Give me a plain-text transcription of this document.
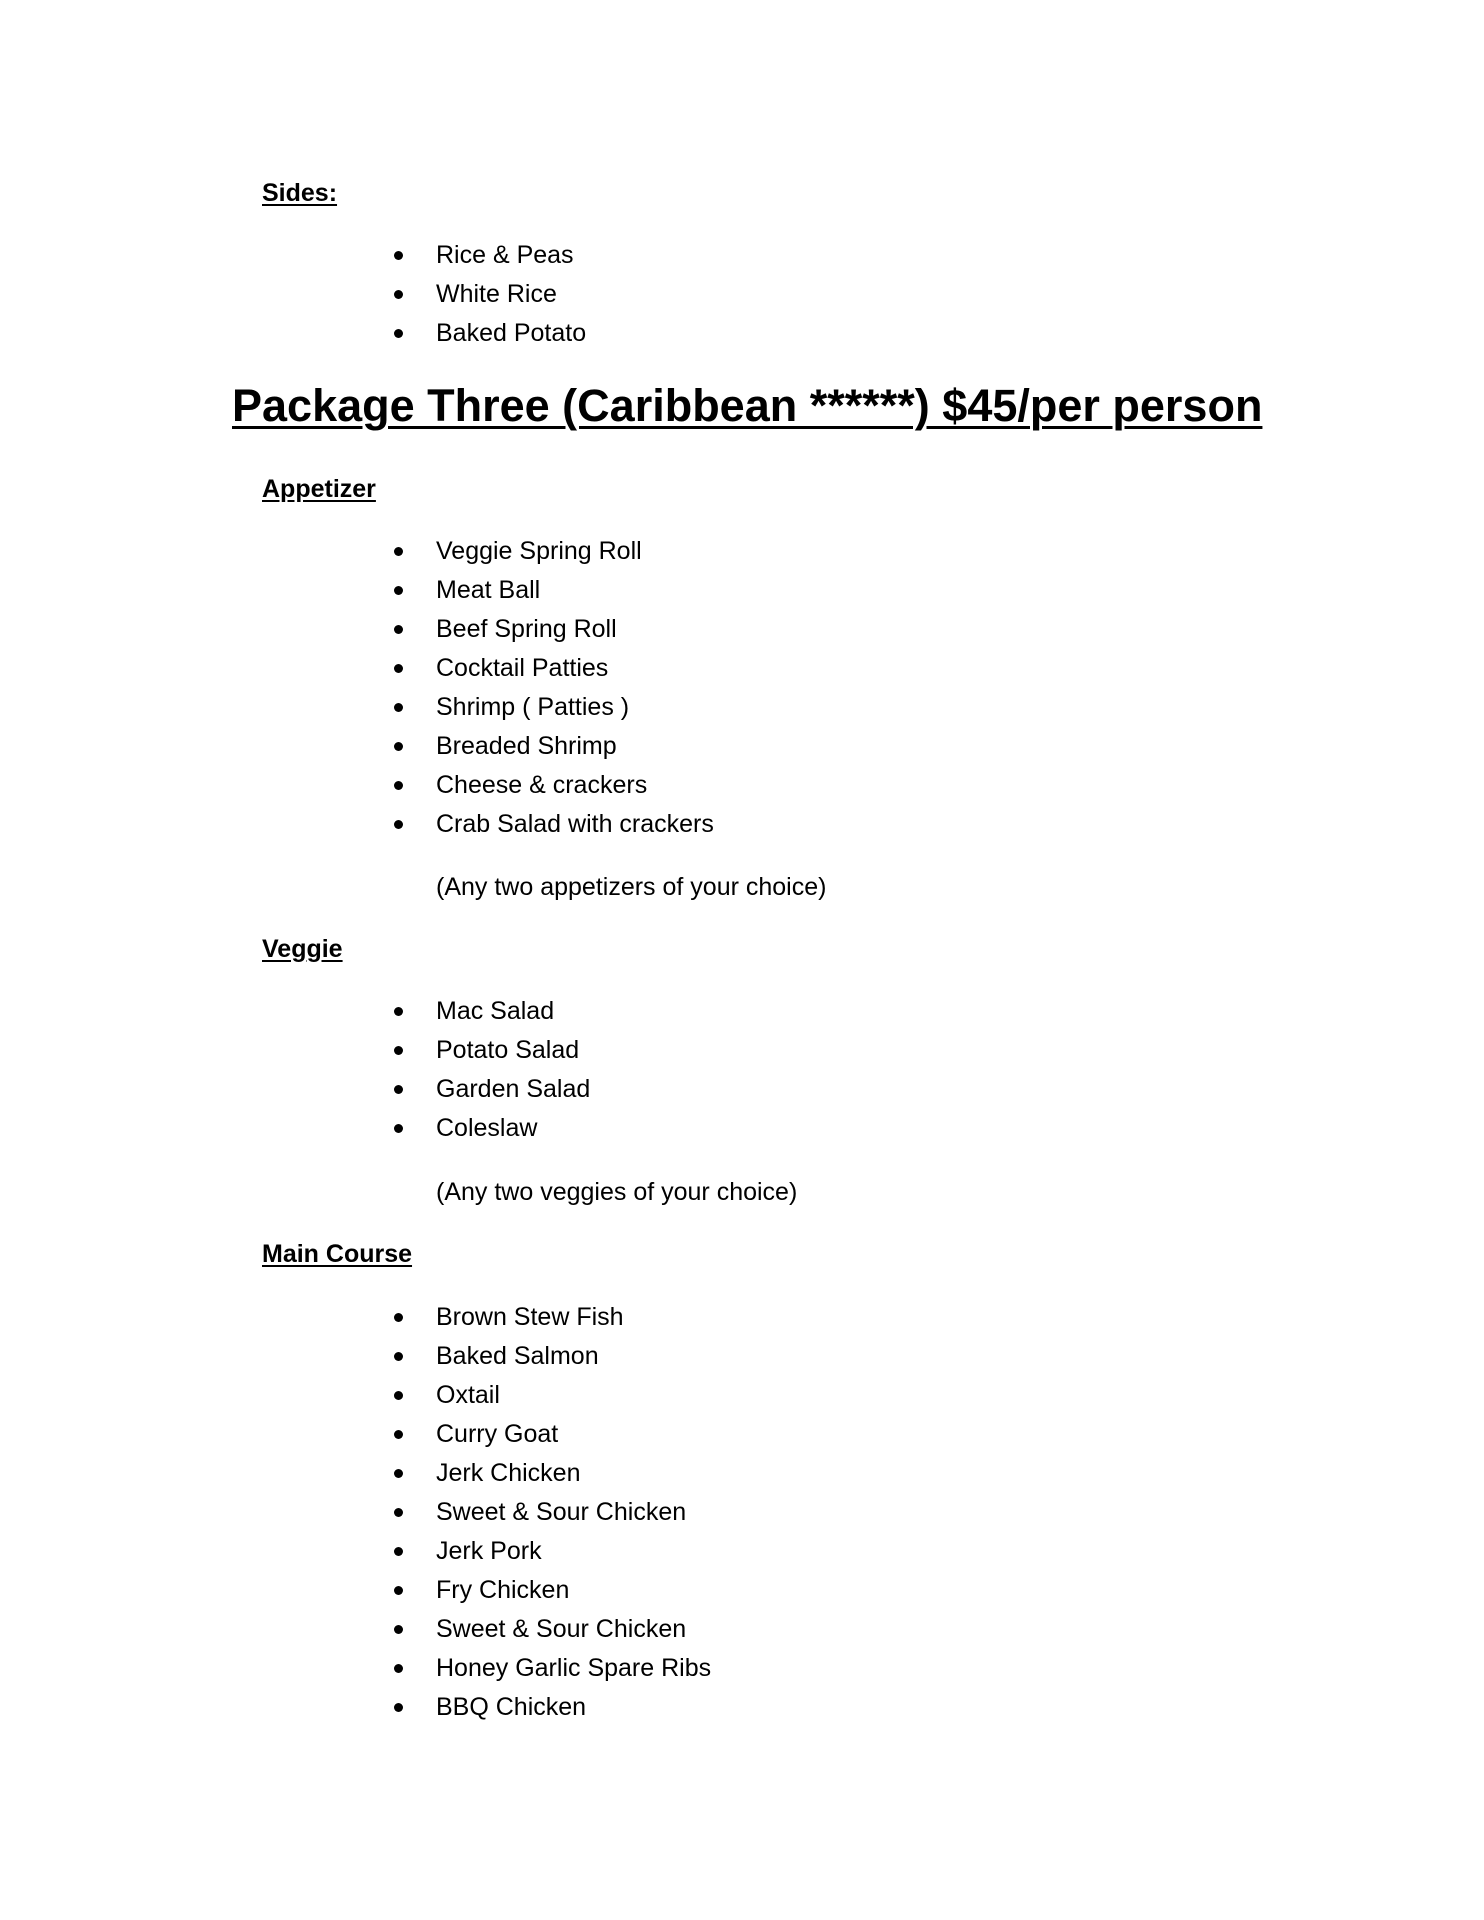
Sides:
Rice & Peas
White Rice
Baked Potato
Package Three (Caribbean ******) $45/per person
Appetizer
Veggie Spring Roll
Meat Ball
Beef Spring Roll
Cocktail Patties
Shrimp ( Patties )
Breaded Shrimp
Cheese & crackers
Crab Salad with crackers

(Any two appetizers of your choice)

Veggie
Mac Salad
Potato Salad
Garden Salad
Coleslaw

(Any two veggies of your choice)

Main Course
Brown Stew Fish
Baked Salmon
Oxtail
Curry Goat
Jerk Chicken
Sweet & Sour Chicken
Jerk Pork
Fry Chicken
Sweet & Sour Chicken
Honey Garlic Spare Ribs
BBQ Chicken
